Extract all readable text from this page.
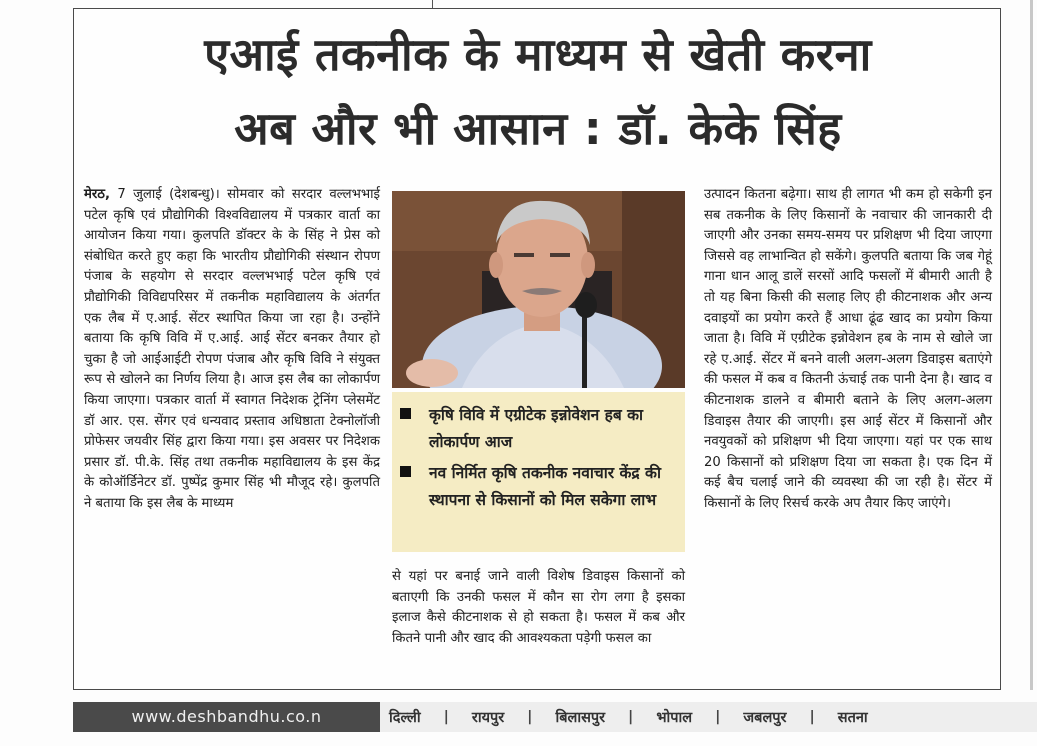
एआई तकनीक के माध्यम से खेती करना
अब और भी आसान : डॉ. केके सिंह
मेरठ, 7 जुलाई (देशबन्धु)। सोमवार को सरदार वल्लभभाई पटेल कृषि एवं प्रौद्योगिकी विश्वविद्यालय में पत्रकार वार्ता का आयोजन किया गया। कुलपति डॉक्टर के के सिंह ने प्रेस को संबोधित करते हुए कहा कि भारतीय प्रौद्योगिकी संस्थान रोपण पंजाब के सहयोग से सरदार वल्लभभाई पटेल कृषि एवं प्रौद्योगिकी विविद्यपरिसर में तकनीक महाविद्यालय के अंतर्गत एक लैब में ए.आई. सेंटर स्थापित किया जा रहा है। उन्होंने बताया कि कृषि विवि में ए.आई. आई सेंटर बनकर तैयार हो चुका है जो आईआईटी रोपण पंजाब और कृषि विवि ने संयुक्त रूप से खोलने का निर्णय लिया है। आज इस लैब का लोकार्पण किया जाएगा। पत्रकार वार्ता में स्वागत निदेशक ट्रेनिंग प्लेसमेंट डॉ आर. एस. सेंगर एवं धन्यवाद प्रस्ताव अधिष्ठाता टेक्नोलॉजी प्रोफेसर जयवीर सिंह द्वारा किया गया। इस अवसर पर निदेशक प्रसार डॉ. पी.के. सिंह तथा तकनीक महाविद्यालय के इस केंद्र के कोऑर्डिनेटर डॉ. पुष्पेंद्र कुमार सिंह भी मौजूद रहे। कुलपति ने बताया कि इस लैब के माध्यम
कृषि विवि में एग्रीटेक इन्नोवेशन हब का लोकार्पण आज
नव निर्मित कृषि तकनीक नवाचार केंद्र की स्थापना से किसानों को मिल सकेगा लाभ
से यहां पर बनाई जाने वाली विशेष डिवाइस किसानों को बताएगी कि उनकी फसल में कौन सा रोग लगा है इसका इलाज कैसे कीटनाशक से हो सकता है। फसल में कब और कितने पानी और खाद की आवश्यकता पड़ेगी फसल का
उत्पादन कितना बढ़ेगा। साथ ही लागत भी कम हो सकेगी इन सब तकनीक के लिए किसानों के नवाचार की जानकारी दी जाएगी और उनका समय-समय पर प्रशिक्षण भी दिया जाएगा जिससे वह लाभान्वित हो सकेंगे। कुलपति बताया कि जब गेहूं गाना धान आलू डालें सरसों आदि फसलों में बीमारी आती है तो यह बिना किसी की सलाह लिए ही कीटनाशक और अन्य दवाइयों का प्रयोग करते हैं आधा ढूंढ खाद का प्रयोग किया जाता है। विवि में एग्रीटेक इन्नोवेशन हब के नाम से खोले जा रहे ए.आई. सेंटर में बनने वाली अलग-अलग डिवाइस बताएंगे की फसल में कब व कितनी ऊंचाई तक पानी देना है। खाद व कीटनाशक डालने व बीमारी बताने के लिए अलग-अलग डिवाइस तैयार की जाएगी। इस आई सेंटर में किसानों और नवयुवकों को प्रशिक्षण भी दिया जाएगा। यहां पर एक साथ 20 किसानों को प्रशिक्षण दिया जा सकता है। एक दिन में कई बैच चलाई जाने की व्यवस्था की जा रही है। सेंटर में किसानों के लिए रिसर्च करके अप तैयार किए जाएंगे।
www.deshbandhu.co.n	दिल्ली	|	रायपुर	|	बिलासपुर	|	भोपाल	|	जबलपुर	|	सतना
